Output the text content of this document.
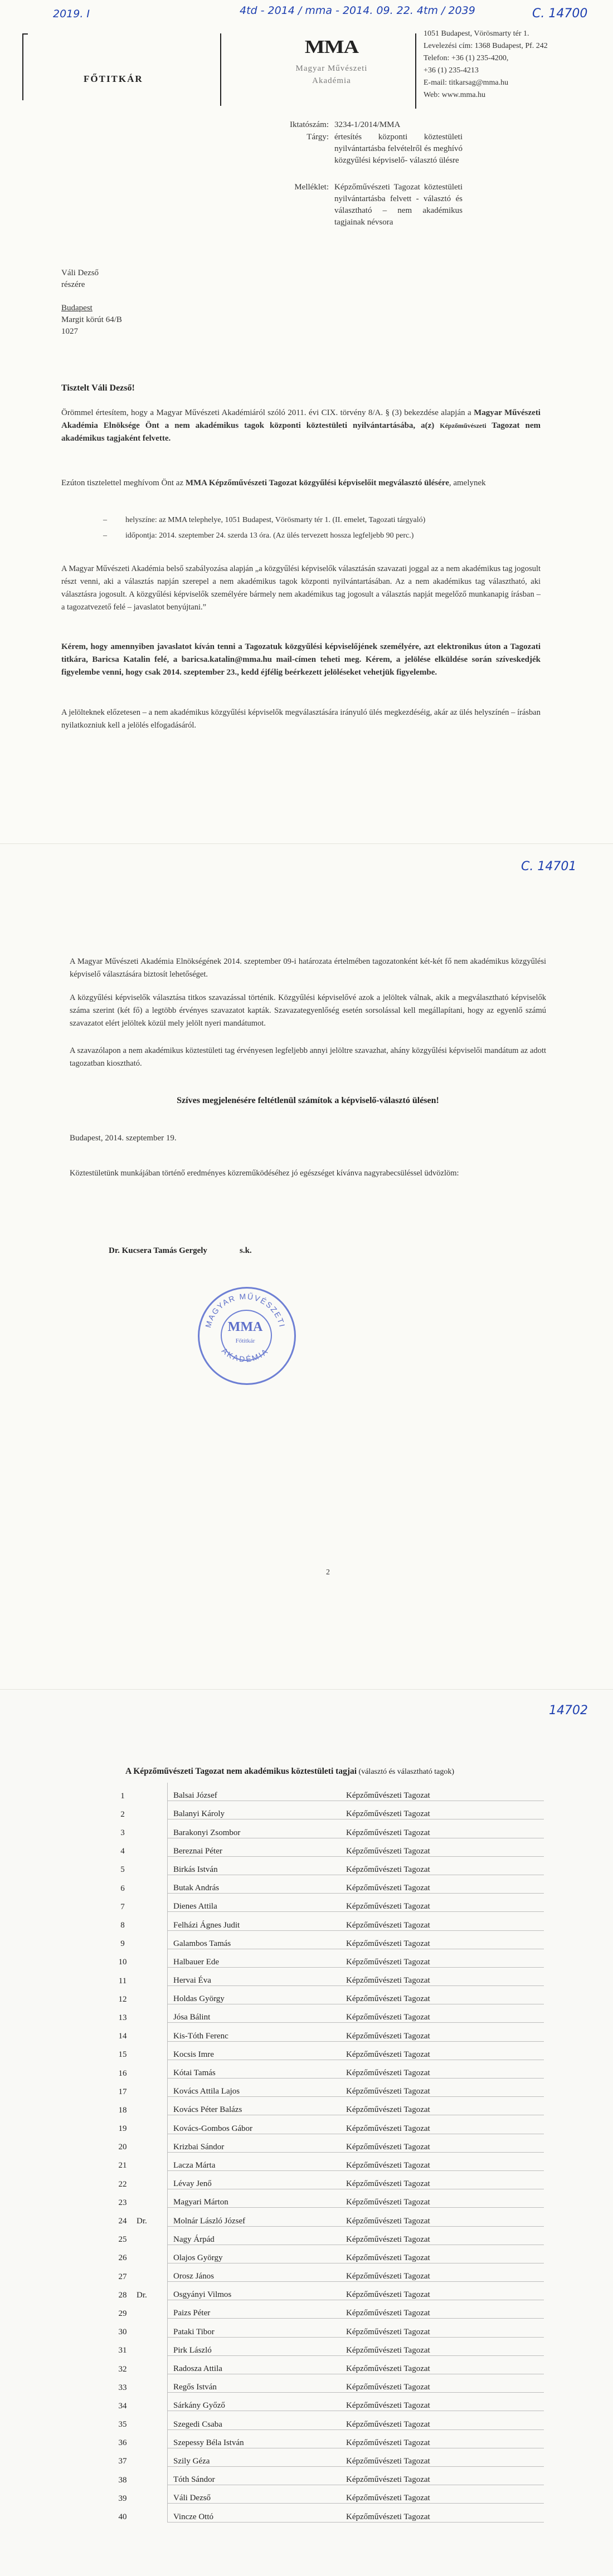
2019. I	4td - 2014 / mma - 2014. 09. 22. 4tm / 2039	C. 14700
FŐTITKÁR
MMA
Magyar Művészeti
Akadémia
1051 Budapest, Vörösmarty tér 1.
Levelezési cím: 1368 Budapest, Pf. 242
Telefon: +36 (1) 235-4200,
+36 (1) 235-4213
E-mail: titkarsag@mma.hu
Web: www.mma.hu
Iktatószám: 3234-1/2014/MMA
Tárgy: értesítés központi köztestületi nyilvántartásba felvételről és meghívó közgyűlési képviselő- választó ülésre
Melléklet: Képzőművészeti Tagozat köztestületi nyilvántartásba felvett - választó és választható – nem akadémikus tagjainak névsora
Váli Dezső
részére
Budapest
Margit körút 64/B
1027
Tisztelt Váli Dezső!

Örömmel értesítem, hogy a Magyar Művészeti Akadémiáról szóló 2011. évi CIX. törvény 8/A. § (3) bekezdése alapján a Magyar Művészeti Akadémia Elnöksége Önt a nem akadémikus tagok központi köztestületi nyilvántartásába, a(z) Képzőművészeti Tagozat nem akadémikus tagjaként felvette.

Ezúton tisztelettel meghívom Önt az MMA Képzőművészeti Tagozat közgyűlési képviselőit megválasztó ülésére, amelynek

– helyszíne: az MMA telephelye, 1051 Budapest, Vörösmarty tér 1. (II. emelet, Tagozati tárgyaló)
– időpontja: 2014. szeptember 24. szerda 13 óra. (Az ülés tervezett hossza legfeljebb 90 perc.)

A Magyar Művészeti Akadémia belső szabályozása alapján „a közgyűlési képviselők választásán szavazati joggal az a nem akadémikus tag jogosult részt venni, aki a választás napján szerepel a nem akadémikus tagok központi nyilvántartásában. Az a nem akadémikus tag választható, aki választásra jogosult. A közgyűlési képviselők személyére bármely nem akadémikus tag jogosult a választás napját megelőző munkanapig írásban – a tagozatvezető felé – javaslatot benyújtani.”

Kérem, hogy amennyiben javaslatot kíván tenni a Tagozatuk közgyűlési képviselőjének személyére, azt elektronikus úton a Tagozati titkára, Baricsa Katalin felé, a baricsa.katalin@mma.hu mail-címen teheti meg. Kérem, a jelölése elküldése során szíveskedjék figyelembe venni, hogy csak 2014. szeptember 23., kedd éjfélig beérkezett jelöléseket vehetjük figyelembe.

A jelölteknek előzetesen – a nem akadémikus közgyűlési képviselők megválasztására irányuló ülés megkezdéséig, akár az ülés helyszínén – írásban nyilatkozniuk kell a jelölés elfogadásáról.

C. 14701

A Magyar Művészeti Akadémia Elnökségének 2014. szeptember 09-i határozata értelmében tagozatonként két-két fő nem akadémikus közgyűlési képviselő választására biztosít lehetőséget.

A közgyűlési képviselők választása titkos szavazással történik. Közgyűlési képviselővé azok a jelöltek válnak, akik a megválasztható képviselők száma szerint (két fő) a legtöbb érvényes szavazatot kapták. Szavazategyenlőség esetén sorsolással kell megállapítani, hogy az egyenlő számú szavazatot elért jelöltek közül mely jelölt nyeri mandátumot.

A szavazólapon a nem akadémikus köztestületi tag érvényesen legfeljebb annyi jelöltre szavazhat, ahány közgyűlési képviselői mandátum az adott tagozatban kiosztható.

Szíves megjelenésére feltétlenül számítok a képviselő-választó ülésen!
Budapest, 2014. szeptember 19.

Köztestületünk munkájában történő eredményes közreműködéséhez jó egészséget kívánva nagyrabecsüléssel üdvözlöm:

Dr. Kucsera Tamás Gergely	s.k.
2
MAGYAR MŰVÉSZETI
AKADÉMIA
MMA
Főtitkár
14702
A Képzőművészeti Tagozat nem akadémikus köztestületi tagjai (választó és választható tagok)
1		Balsai József	Képzőművészeti Tagozat
2		Balanyi Károly	Képzőművészeti Tagozat
3		Barakonyi Zsombor	Képzőművészeti Tagozat
4		Bereznai Péter	Képzőművészeti Tagozat
5		Birkás István	Képzőművészeti Tagozat
6		Butak András	Képzőművészeti Tagozat
7		Dienes Attila	Képzőművészeti Tagozat
8		Felházi Ágnes Judit	Képzőművészeti Tagozat
9		Galambos Tamás	Képzőművészeti Tagozat
10		Halbauer Ede	Képzőművészeti Tagozat
11		Hervai Éva	Képzőművészeti Tagozat
12		Holdas György	Képzőművészeti Tagozat
13		Jósa Bálint	Képzőművészeti Tagozat
14		Kis-Tóth Ferenc	Képzőművészeti Tagozat
15		Kocsis Imre	Képzőművészeti Tagozat
16		Kótai Tamás	Képzőművészeti Tagozat
17		Kovács Attila Lajos	Képzőművészeti Tagozat
18		Kovács Péter Balázs	Képzőművészeti Tagozat
19		Kovács-Gombos Gábor	Képzőművészeti Tagozat
20		Krizbai Sándor	Képzőművészeti Tagozat
21		Lacza Márta	Képzőművészeti Tagozat
22		Lévay Jenő	Képzőművészeti Tagozat
23		Magyari Márton	Képzőművészeti Tagozat
24	Dr.	Molnár László József	Képzőművészeti Tagozat
25		Nagy Árpád	Képzőművészeti Tagozat
26		Olajos György	Képzőművészeti Tagozat
27		Orosz János	Képzőművészeti Tagozat
28	Dr.	Osgyányi Vilmos	Képzőművészeti Tagozat
29		Paizs Péter	Képzőművészeti Tagozat
30		Pataki Tibor	Képzőművészeti Tagozat
31		Pirk László	Képzőművészeti Tagozat
32		Radosza Attila	Képzőművészeti Tagozat
33		Regős István	Képzőművészeti Tagozat
34		Sárkány Győző	Képzőművészeti Tagozat
35		Szegedi Csaba	Képzőművészeti Tagozat
36		Szepessy Béla István	Képzőművészeti Tagozat
37		Szily Géza	Képzőművészeti Tagozat
38		Tóth Sándor	Képzőművészeti Tagozat
39		Váli Dezső	Képzőművészeti Tagozat
40		Vincze Ottó	Képzőművészeti Tagozat
